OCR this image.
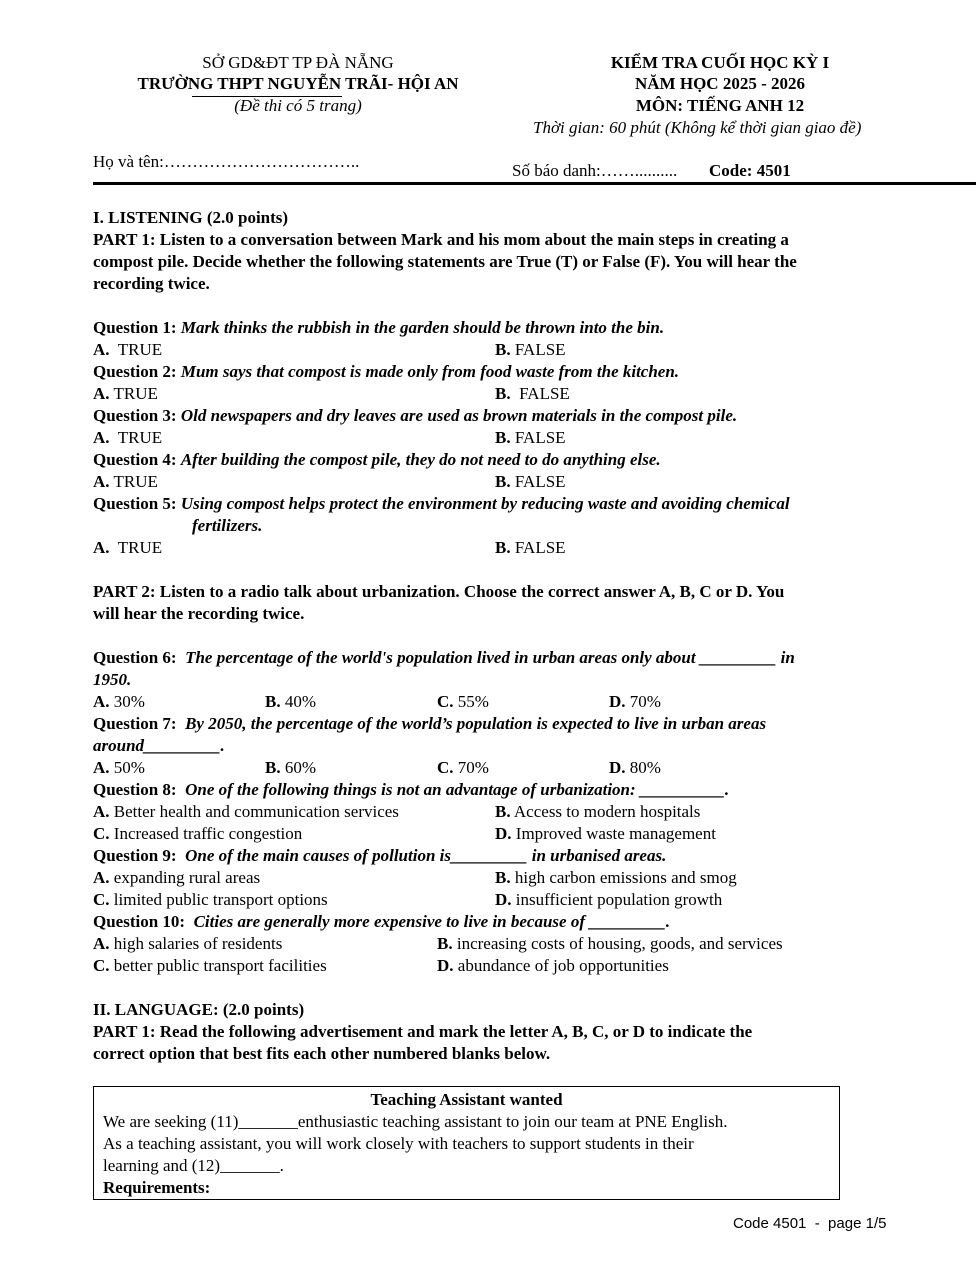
SỞ GD&ĐT TP ĐÀ NẴNG
TRƯỜNG THPT NGUYỄN TRÃI- HỘI AN
(Đề thi có 5 trang)
KIỂM TRA CUỐI HỌC KỲ I
NĂM HỌC 2025 - 2026
MÔN: TIẾNG ANH 12
Thời gian: 60 phút (Không kể thời gian giao đề)
Họ và tên:……………………………..	Số báo danh:…….......... Code: 4501
I. LISTENING (2.0 points)
PART 1: Listen to a conversation between Mark and his mom about the main steps in creating a
compost pile. Decide whether the following statements are True (T) or False (F). You will hear the
recording twice.
Question 1: Mark thinks the rubbish in the garden should be thrown into the bin.
A. TRUE	B. FALSE
Question 2: Mum says that compost is made only from food waste from the kitchen.
A. TRUE	B. FALSE
Question 3: Old newspapers and dry leaves are used as brown materials in the compost pile.
A. TRUE	B. FALSE
Question 4: After building the compost pile, they do not need to do anything else.
A. TRUE	B. FALSE
Question 5: Using compost helps protect the environment by reducing waste and avoiding chemical
fertilizers.
A. TRUE	B. FALSE
PART 2: Listen to a radio talk about urbanization. Choose the correct answer A, B, C or D. You
will hear the recording twice.
Question 6: The percentage of the world's population lived in urban areas only about _________ in
1950.
A. 30%	B. 40%	C. 55%	D. 70%
Question 7: By 2050, the percentage of the world’s population is expected to live in urban areas
around_________.
A. 50%	B. 60%	C. 70%	D. 80%
Question 8: One of the following things is not an advantage of urbanization: __________.
A. Better health and communication services	B. Access to modern hospitals
C. Increased traffic congestion	D. Improved waste management
Question 9: One of the main causes of pollution is_________ in urbanised areas.
A. expanding rural areas	B. high carbon emissions and smog
C. limited public transport options	D. insufficient population growth
Question 10: Cities are generally more expensive to live in because of _________.
A. high salaries of residents	B. increasing costs of housing, goods, and services
C. better public transport facilities	D. abundance of job opportunities
II. LANGUAGE: (2.0 points)
PART 1: Read the following advertisement and mark the letter A, B, C, or D to indicate the
correct option that best fits each other numbered blanks below.
Teaching Assistant wanted
We are seeking (11)_______enthusiastic teaching assistant to join our team at PNE English.
As a teaching assistant, you will work closely with teachers to support students in their
learning and (12)_______.
Requirements:
Code 4501  -  page 1/5
